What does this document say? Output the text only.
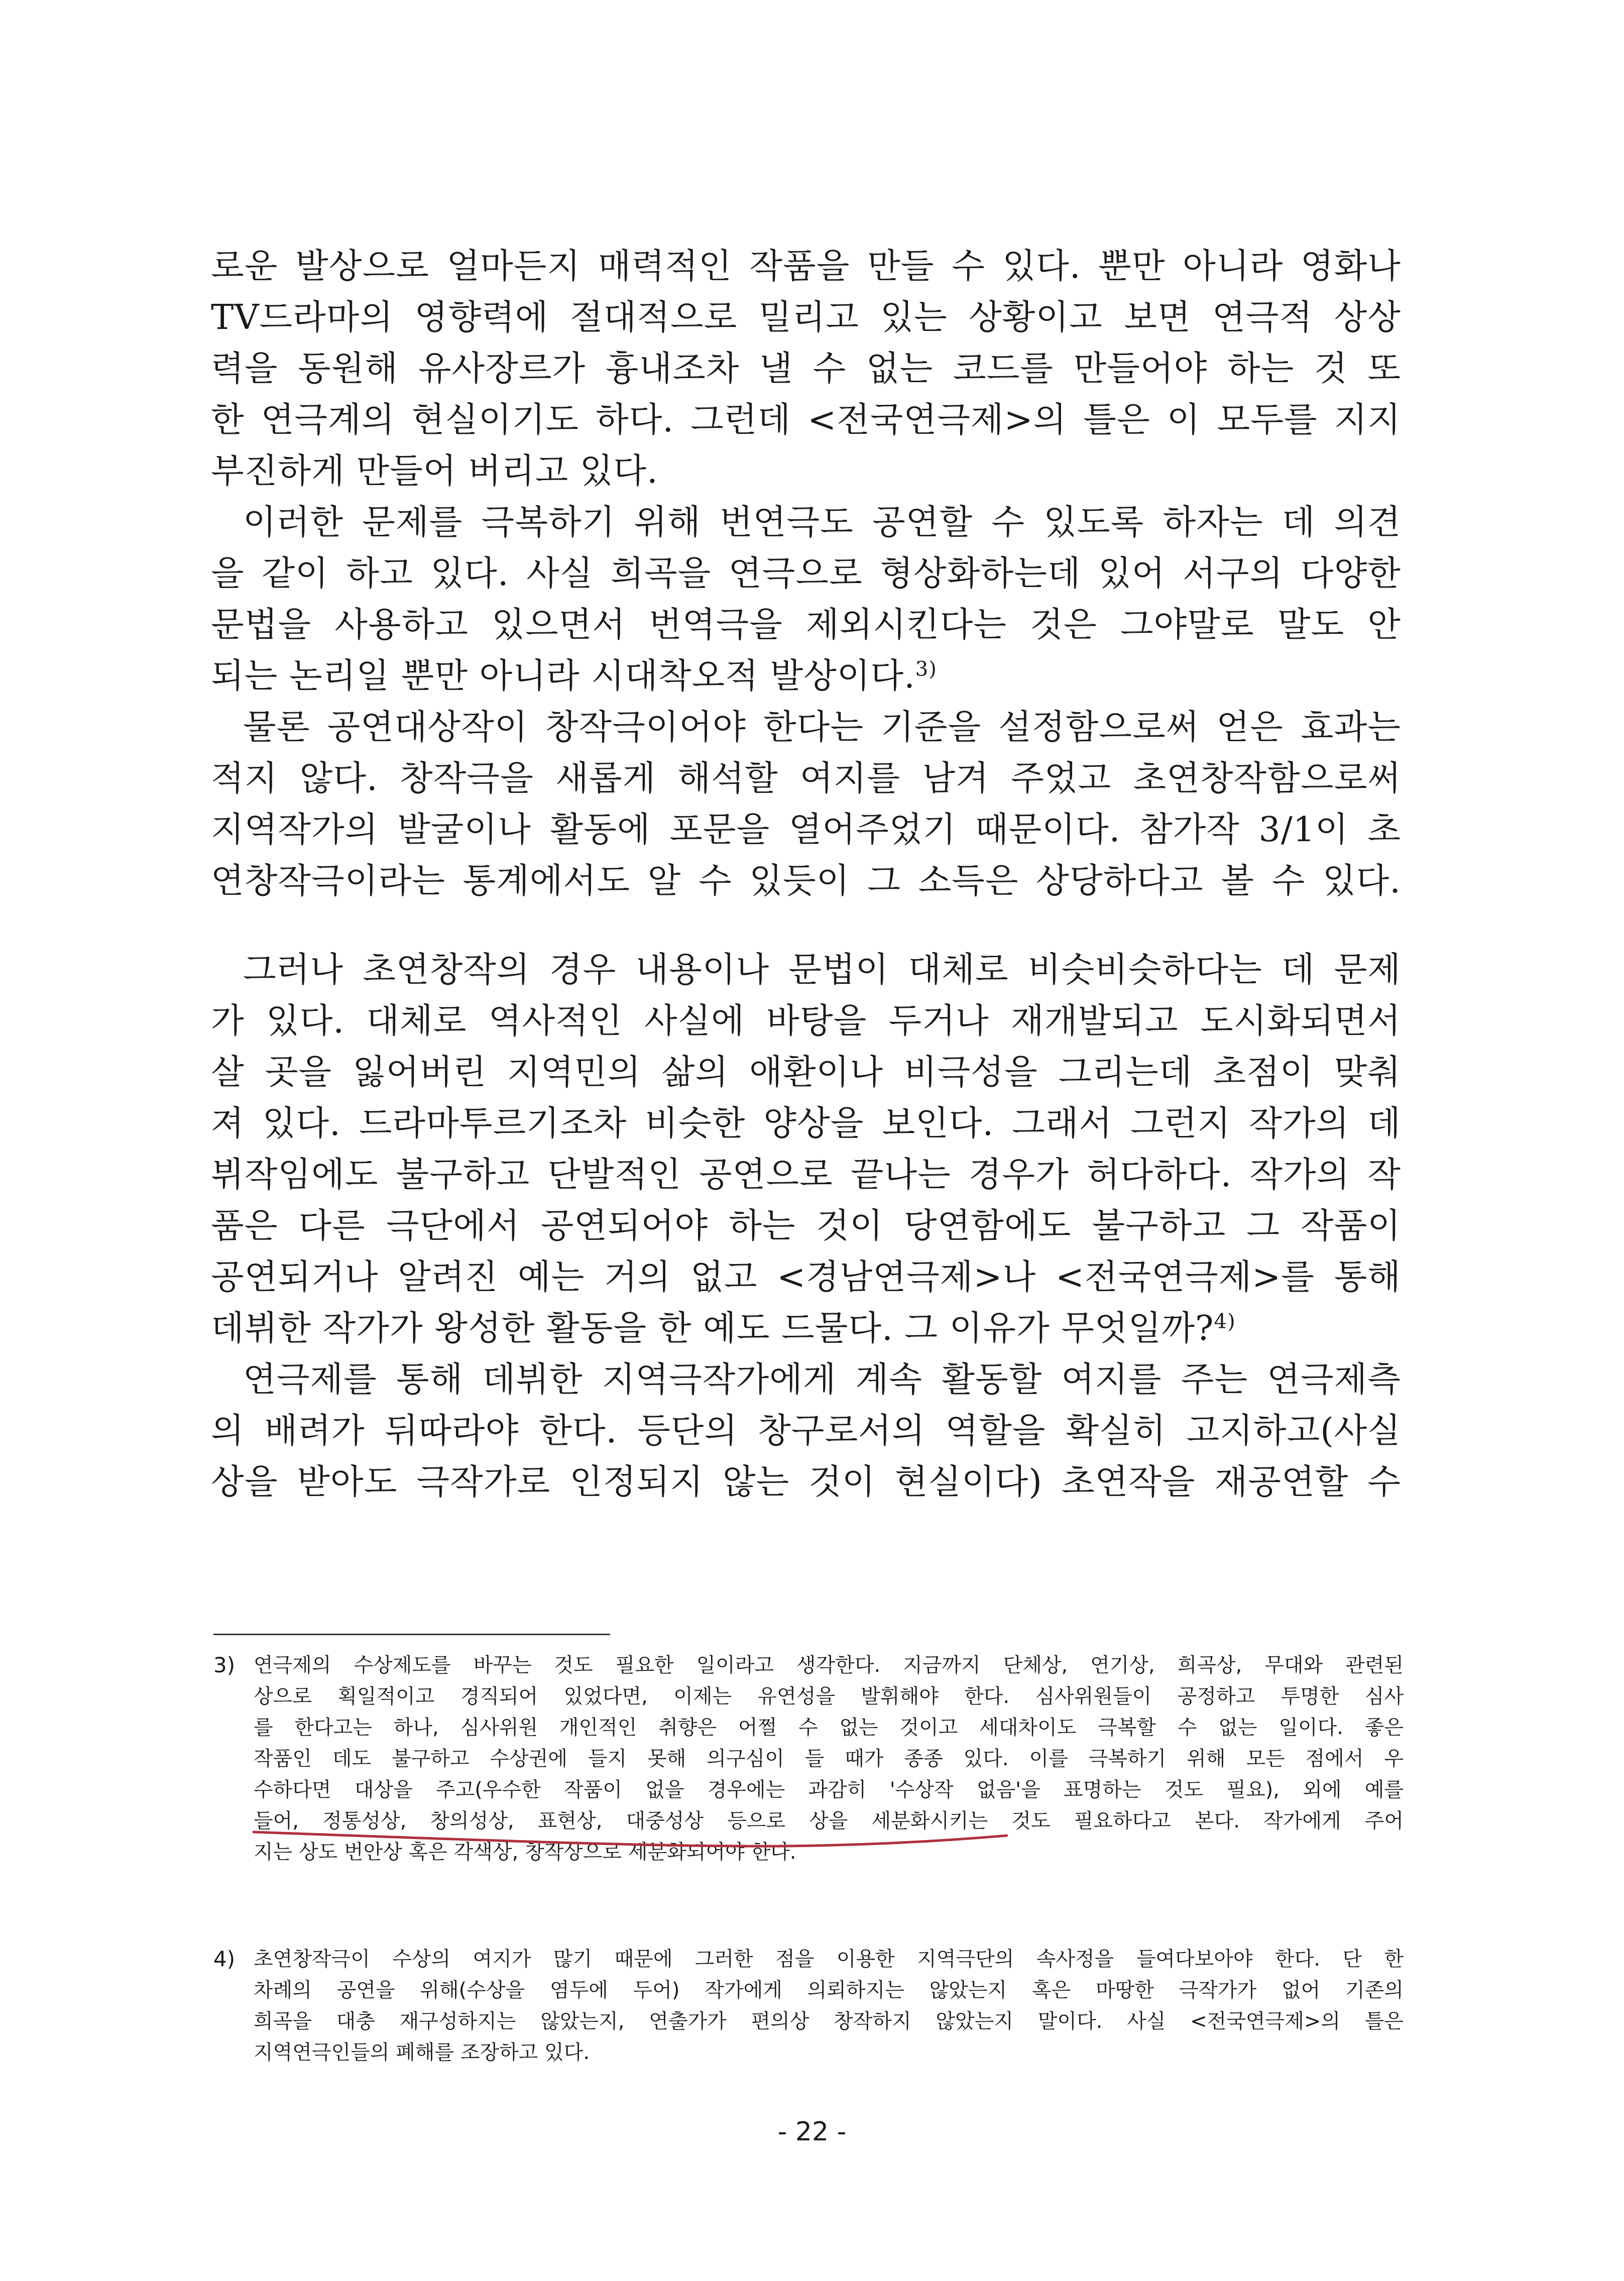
로운 발상으로 얼마든지 매력적인 작품을 만들 수 있다. 뿐만 아니라 영화나
TV드라마의 영향력에 절대적으로 밀리고 있는 상황이고 보면 연극적 상상
력을 동원해 유사장르가 흉내조차 낼 수 없는 코드를 만들어야 하는 것 또
한 연극계의 현실이기도 하다. 그런데 <전국연극제>의 틀은 이 모두를 지지
부진하게 만들어 버리고 있다.
이러한 문제를 극복하기 위해 번연극도 공연할 수 있도록 하자는 데 의견
을 같이 하고 있다. 사실 희곡을 연극으로 형상화하는데 있어 서구의 다양한
문법을 사용하고 있으면서 번역극을 제외시킨다는 것은 그야말로 말도 안
되는 논리일 뿐만 아니라 시대착오적 발상이다.$^{3)}$
물론 공연대상작이 창작극이어야 한다는 기준을 설정함으로써 얻은 효과는
적지 않다. 창작극을 새롭게 해석할 여지를 남겨 주었고 초연창작함으로써
지역작가의 발굴이나 활동에 포문을 열어주었기 때문이다. 참가작 3/1이 초
연창작극이라는 통계에서도 알 수 있듯이 그 소득은 상당하다고 볼 수 있다.
그러나 초연창작의 경우 내용이나 문법이 대체로 비슷비슷하다는 데 문제
가 있다. 대체로 역사적인 사실에 바탕을 두거나 재개발되고 도시화되면서
살 곳을 잃어버린 지역민의 삶의 애환이나 비극성을 그리는데 초점이 맞춰
져 있다. 드라마투르기조차 비슷한 양상을 보인다. 그래서 그런지 작가의 데
뷔작임에도 불구하고 단발적인 공연으로 끝나는 경우가 허다하다. 작가의 작
품은 다른 극단에서 공연되어야 하는 것이 당연함에도 불구하고 그 작품이
공연되거나 알려진 예는 거의 없고 <경남연극제>나 <전국연극제>를 통해
데뷔한 작가가 왕성한 활동을 한 예도 드물다. 그 이유가 무엇일까?$^{4)}$
연극제를 통해 데뷔한 지역극작가에게 계속 활동할 여지를 주는 연극제측
의 배려가 뒤따라야 한다. 등단의 창구로서의 역할을 확실히 고지하고(사실
상을 받아도 극작가로 인정되지 않는 것이 현실이다) 초연작을 재공연할 수
3) 연극제의 수상제도를 바꾸는 것도 필요한 일이라고 생각한다. 지금까지 단체상, 연기상, 희곡상, 무대와 관련된
상으로 획일적이고 경직되어 있었다면, 이제는 유연성을 발휘해야 한다. 심사위원들이 공정하고 투명한 심사
를 한다고는 하나, 심사위원 개인적인 취향은 어쩔 수 없는 것이고 세대차이도 극복할 수 없는 일이다. 좋은
작품인 데도 불구하고 수상권에 들지 못해 의구심이 들 때가 종종 있다. 이를 극복하기 위해 모든 점에서 우
수하다면 대상을 주고(우수한 작품이 없을 경우에는 과감히 '수상작 없음'을 표명하는 것도 필요), 외에 예를
들어, 정통성상, 창의성상, 표현상, 대중성상 등으로 상을 세분화시키는 것도 필요하다고 본다. 작가에게 주어
지는 상도 번안상 혹은 각색상, 창작상으로 세분화되어야 한다.
4) 초연창작극이 수상의 여지가 많기 때문에 그러한 점을 이용한 지역극단의 속사정을 들여다보아야 한다. 단 한
차례의 공연을 위해(수상을 염두에 두어) 작가에게 의뢰하지는 않았는지 혹은 마땅한 극작가가 없어 기존의
희곡을 대충 재구성하지는 않았는지, 연출가가 편의상 창작하지 않았는지 말이다. 사실 <전국연극제>의 틀은
지역연극인들의 폐해를 조장하고 있다.
- 22 -
